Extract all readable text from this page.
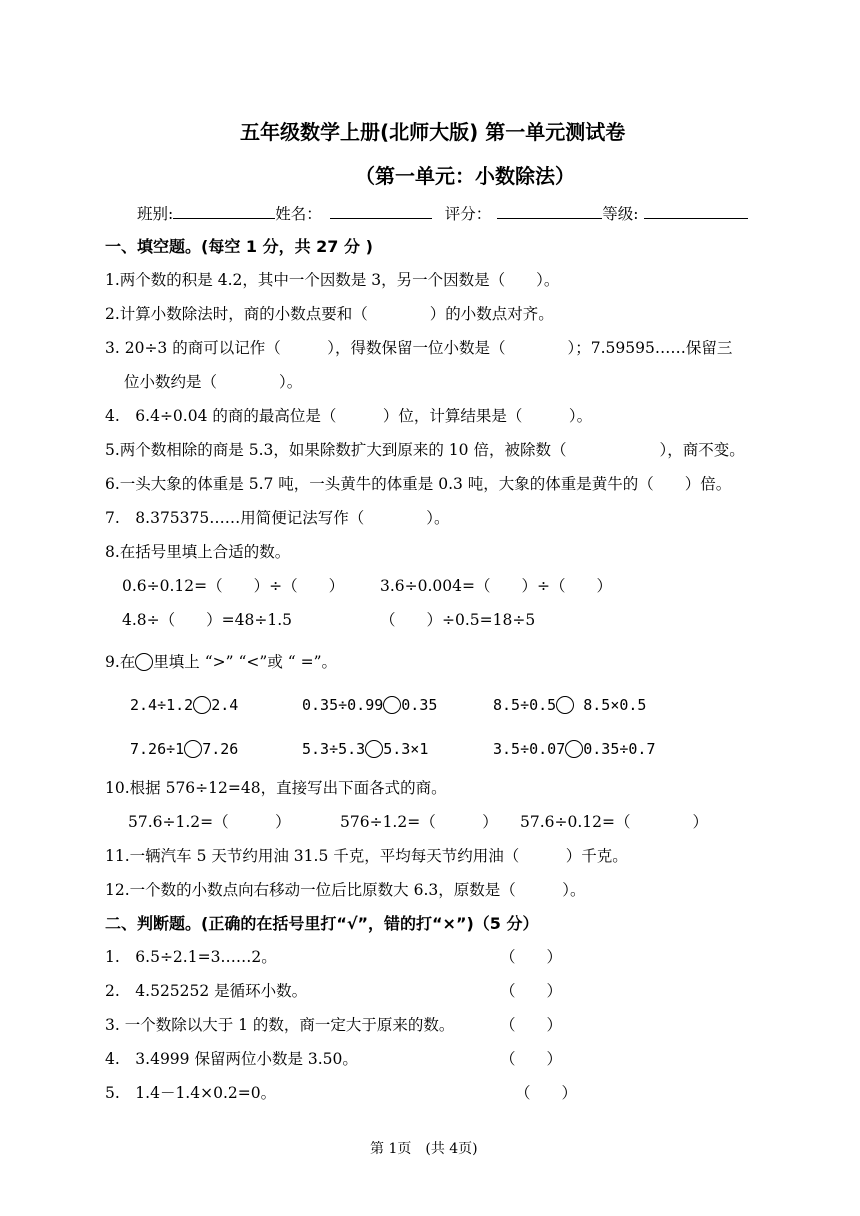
五年级数学上册(北师大版) 第一单元测试卷
（第一单元：小数除法）
班别:	姓名：	评分：	等级:
一、填空题。(每空 1 分，共 27 分 )
1.两个数的积是 4.2，其中一个因数是 3，另一个因数是（　　）。
2.计算小数除法时，商的小数点要和（　　　　）的小数点对齐。
3. 20÷3 的商可以记作（　　　），得数保留一位小数是（　　　　）；7.59595……保留三
位小数约是（　　　　）。
4.　6.4÷0.04 的商的最高位是（　　　）位，计算结果是（　　　）。
5.两个数相除的商是 5.3，如果除数扩大到原来的 10 倍，被除数（　　　　　　），商不变。
6.一头大象的体重是 5.7 吨，一头黄牛的体重是 0.3 吨，大象的体重是黄牛的（　　）倍。
7.　8.375375……用简便记法写作（　　　　）。
8.在括号里填上合适的数。
0.6÷0.12=（　　）÷（　　） 3.6÷0.004=（　　）÷（　　）
4.8÷（　　）=48÷1.5	（　　）÷0.5=18÷5
9.在 里填上 “>” “<”或 “ =”。
2.4÷1.2 2.4	0.35÷0.99 0.35	8.5÷0.5 8.5×0.5
7.26÷1 7.26	5.3÷5.3 5.3×1	3.5÷0.07 0.35÷0.7
10.根据 576÷12=48，直接写出下面各式的商。
57.6÷1.2=（　　　）	576÷1.2=（　　　） 57.6÷0.12=（　　　　）
11.一辆汽车 5 天节约用油 31.5 千克，平均每天节约用油（　　　）千克。
12.一个数的小数点向右移动一位后比原数大 6.3，原数是（　　　）。
二、判断题。(正确的在括号里打“√”，错的打“×”)（5 分）
1.　6.5÷2.1=3……2。	（　　）
2.　4.525252 是循环小数。	（　　）
3. 一个数除以大于 1 的数，商一定大于原来的数。	（　　）
4.　3.4999 保留两位小数是 3.50。	（　　）
5.　1.4－1.4×0.2=0。	（　　）
第 1页　(共 4页)
